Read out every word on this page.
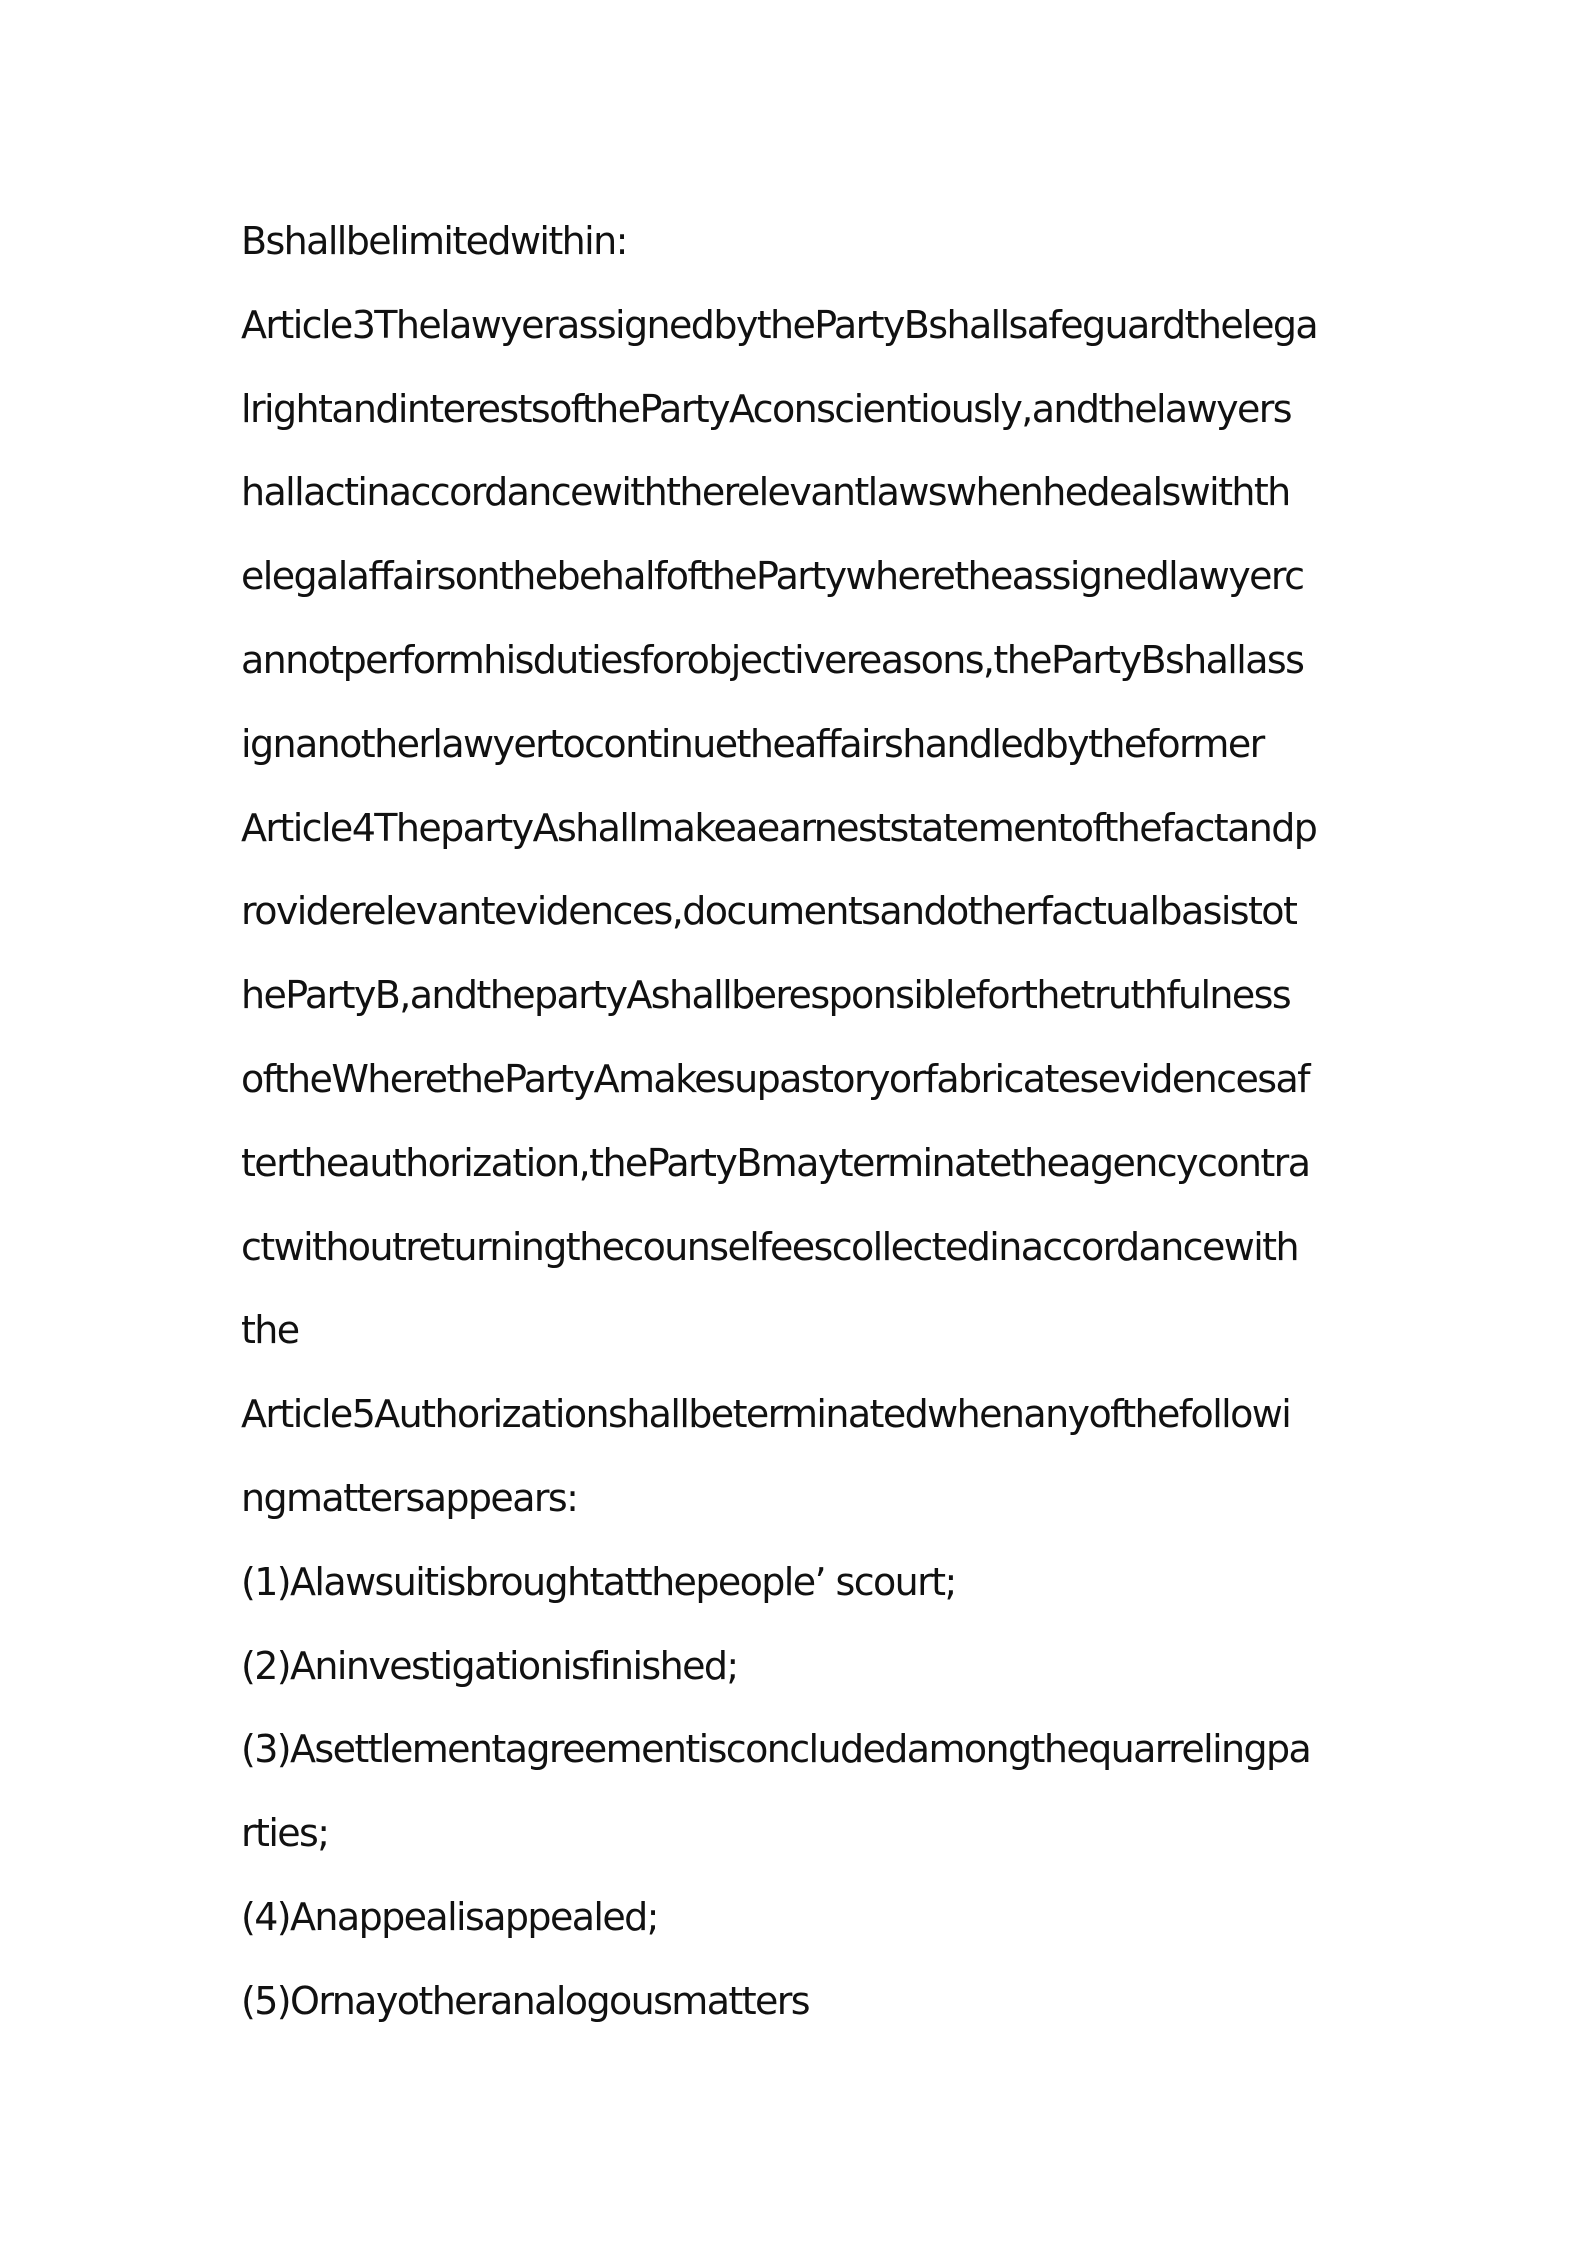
Bshallbelimitedwithin:
Article3ThelawyerassignedbythePartyBshallsafeguardthelega
lrightandinterestsofthePartyAconscientiously,andthelawyers
hallactinaccordancewiththerelevantlawswhenhedealswithth
elegalaffairsonthebehalfofthePartywheretheassignedlawyerc
annotperformhisdutiesforobjectivereasons,thePartyBshallass
ignanotherlawyertocontinuetheaffairshandledbytheformer
Article4ThepartyAshallmakeaearneststatementofthefactandp
roviderelevantevidences,documentsandotherfactualbasistot
hePartyB,andthepartyAshallberesponsibleforthetruthfulness
oftheWherethePartyAmakesupastoryorfabricatesevidencesaf
tertheauthorization,thePartyBmayterminatetheagencycontra
ctwithoutreturningthecounselfeescollectedinaccordancewith
the
Article5Authorizationshallbeterminatedwhenanyofthefollowi
ngmattersappears:
(1)Alawsuitisbroughtatthepeople’ scourt;
(2)Aninvestigationisfinished;
(3)Asettlementagreementisconcludedamongthequarrelingpa
rties;
(4)Anappealisappealed;
(5)Ornayotheranalogousmatters
